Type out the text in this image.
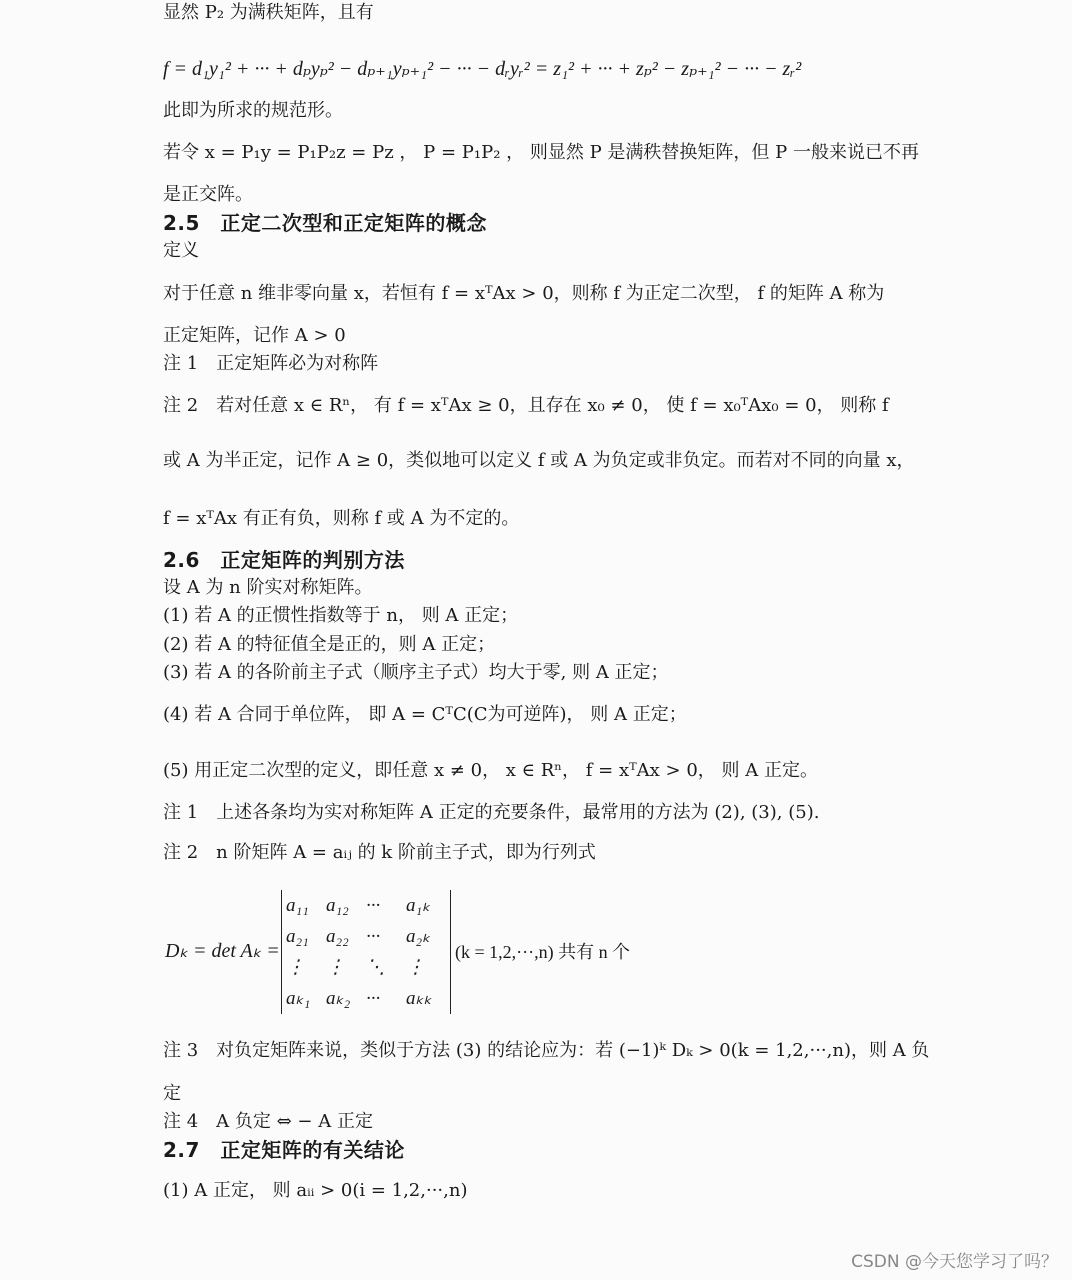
显然 P₂ 为满秩矩阵，且有
f = d₁y₁² + ··· + dₚyₚ² − dₚ₊₁yₚ₊₁² − ··· − dᵣyᵣ² = z₁² + ··· + zₚ² − zₚ₊₁² − ··· − zᵣ²
此即为所求的规范形。
若令 x = P₁y = P₁P₂z = Pz ， P = P₁P₂ ， 则显然 P 是满秩替换矩阵，但 P 一般来说已不再
是正交阵。
2.5　正定二次型和正定矩阵的概念
定义
对于任意 n 维非零向量 x，若恒有 f = xᵀAx > 0，则称 f 为正定二次型， f 的矩阵 A 称为
正定矩阵，记作 A > 0
注 1　正定矩阵必为对称阵
注 2　若对任意 x ∈ Rⁿ， 有 f = xᵀAx ≥ 0，且存在 x₀ ≠ 0， 使 f = x₀ᵀAx₀ = 0， 则称 f
或 A 为半正定，记作 A ≥ 0，类似地可以定义 f 或 A 为负定或非负定。而若对不同的向量 x，
f = xᵀAx 有正有负，则称 f 或 A 为不定的。
2.6　正定矩阵的判别方法
设 A 为 n 阶实对称矩阵。
(1) 若 A 的正惯性指数等于 n， 则 A 正定；
(2) 若 A 的特征值全是正的，则 A 正定；
(3) 若 A 的各阶前主子式（顺序主子式）均大于零, 则 A 正定；
(4) 若 A 合同于单位阵， 即 A = CᵀC(C为可逆阵)， 则 A 正定；
(5) 用正定二次型的定义，即任意 x ≠ 0， x ∈ Rⁿ， f = xᵀAx > 0， 则 A 正定。
注 1　上述各条均为实对称矩阵 A 正定的充要条件，最常用的方法为 (2), (3), (5).
注 2　n 阶矩阵 A = aᵢⱼ 的 k 阶前主子式，即为行列式
Dₖ = det Aₖ =
a₁₁	a₁₂	···	a₁ₖ
a₂₁	a₂₂	···	a₂ₖ
⋮	⋮	⋱	⋮
aₖ₁	aₖ₂	···	aₖₖ
(k = 1,2,···,n) 共有 n 个
注 3　对负定矩阵来说，类似于方法 (3) 的结论应为：若 (−1)ᵏ Dₖ > 0(k = 1,2,···,n)，则 A 负
定
注 4　A 负定 ⇔ − A 正定
2.7　正定矩阵的有关结论
(1) A 正定， 则 aᵢᵢ > 0(i = 1,2,···,n)
CSDN @今天您学习了吗？
